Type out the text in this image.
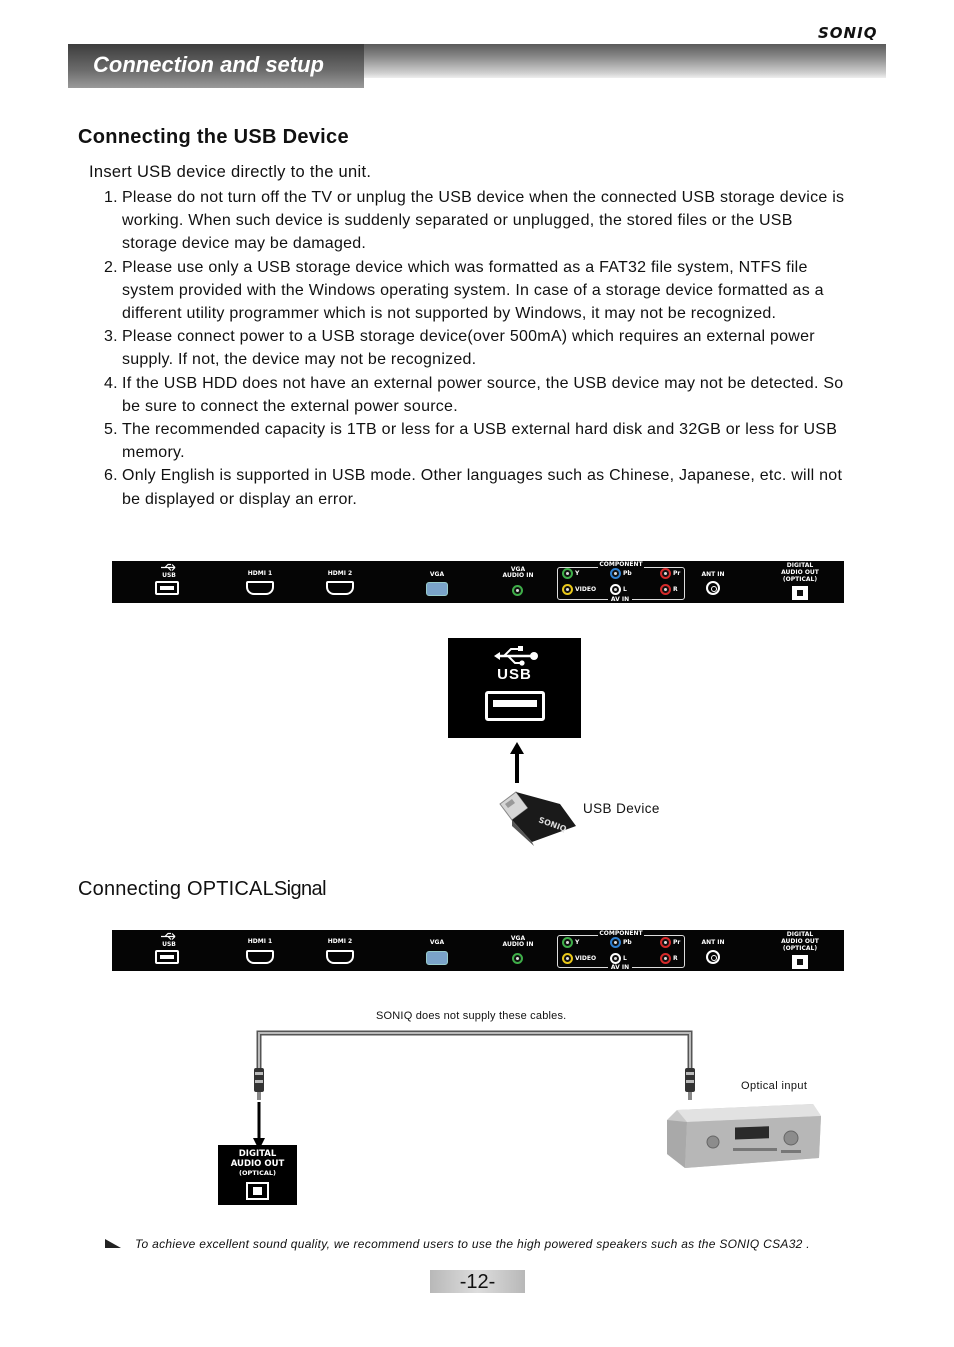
SONIQ
Connection and setup
Connecting the USB Device
Insert USB device directly to the unit.
1. Please do not turn off the TV or unplug the USB device when the connected USB storage device is working. When such device is suddenly separated or unplugged, the stored files or the USB storage device may be damaged.
2. Please use only a USB storage device which was formatted as a FAT32 file system, NTFS file system provided with the Windows operating system. In case of a storage device formatted as a different utility programmer which is not supported by Windows, it may not be recognized.
3. Please connect power to a USB storage device(over 500mA) which requires an external power supply. If not, the device may not be recognized.
4. If the USB HDD does not have an external power source, the USB device may not be detected. So be sure to connect the external power source.
5. The recommended capacity is 1TB or less for a USB external hard disk and 32GB or less for USB memory.
6. Only English is supported in USB mode. Other languages such as Chinese, Japanese, etc. will not be displayed or display an error.
USB	HDMI 1	HDMI 2	VGA
VGA
AUDIO IN
COMPONENT
Y	Pb	Pr
VIDEO	L	R
AV IN
ANT IN
DIGITAL
AUDIO OUT
(OPTICAL)
USB
SONIQ
USB Device
Connecting OPTICALSignal
USB	HDMI 1	HDMI 2	VGA
VGA
AUDIO IN
COMPONENT
Y	Pb	Pr
VIDEO	L	R
AV IN
ANT IN
DIGITAL
AUDIO OUT
(OPTICAL)
SONIQ does not supply these cables.
Optical input
DIGITAL
AUDIO OUT
(OPTICAL)
To achieve excellent sound quality, we recommend users to use the high powered speakers such as the SONIQ CSA32 .
-12-
